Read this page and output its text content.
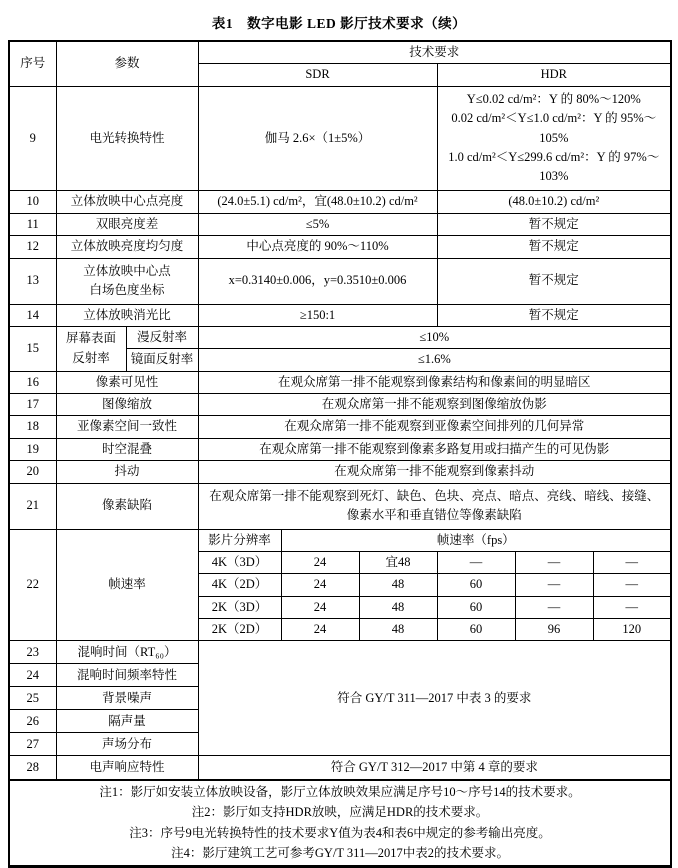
表1　数字电影 LED 影厅技术要求（续）
序号	参数		技术要求					
			SDR			HDR		
9	电光转换特性		伽马 2.6×（1±5%）			Y≤0.02 cd/m²：Y 的 80%～120%
0.02 cd/m²＜Y≤1.0 cd/m²：Y 的 95%～105%
1.0 cd/m²＜Y≤299.6 cd/m²：Y 的 97%～103%		

10	立体放映中心点亮度		(24.0±5.1) cd/m²，宜(48.0±10.2) cd/m²			(48.0±10.2) cd/m²		
11	双眼亮度差		≤5%			暂不规定		
12	立体放映亮度均匀度		中心点亮度的 90%～110%			暂不规定		
13	立体放映中心点
白场色度坐标		x=0.3140±0.006，y=0.3510±0.006			暂不规定		
14	立体放映消光比		≥150:1			暂不规定		
15	屏幕表面
反射率	漫反射率	≤10%					
		镜面反射率	≤1.6%					
16	像素可见性		在观众席第一排不能观察到像素结构和像素间的明显暗区					
17	图像缩放		在观众席第一排不能观察到图像缩放伪影					
18	亚像素空间一致性		在观众席第一排不能观察到亚像素空间排列的几何异常					
19	时空混叠		在观众席第一排不能观察到像素多路复用或扫描产生的可见伪影					
20	抖动		在观众席第一排不能观察到像素抖动					
21	像素缺陷		在观众席第一排不能观察到死灯、缺色、色块、亮点、暗点、亮线、暗线、接缝、像素水平和垂直错位等像素缺陷					
22	帧速率		影片分辨率	帧速率（fps）				
			4K（3D）	24	宜48	—	—	—
			4K（2D）	24	48	60	—	—
			2K（3D）	24	48	60	—	—
			2K（2D）	24	48	60	96	120
23	混响时间（RT₆₀）		符合 GY/T 311—2017 中表 3 的要求					
24	混响时间频率特性							
25	背景噪声							
26	隔声量							
27	声场分布							
28	电声响应特性		符合 GY/T 312—2017 中第 4 章的要求					

注1：影厅如安装立体放映设备，影厅立体放映效果应满足序号10～序号14的技术要求。
注2：影厅如支持HDR放映，应满足HDR的技术要求。
注3：序号9电光转换特性的技术要求Y值为表4和表6中规定的参考输出亮度。
注4：影厅建筑工艺可参考GY/T 311—2017中表2的技术要求。								
